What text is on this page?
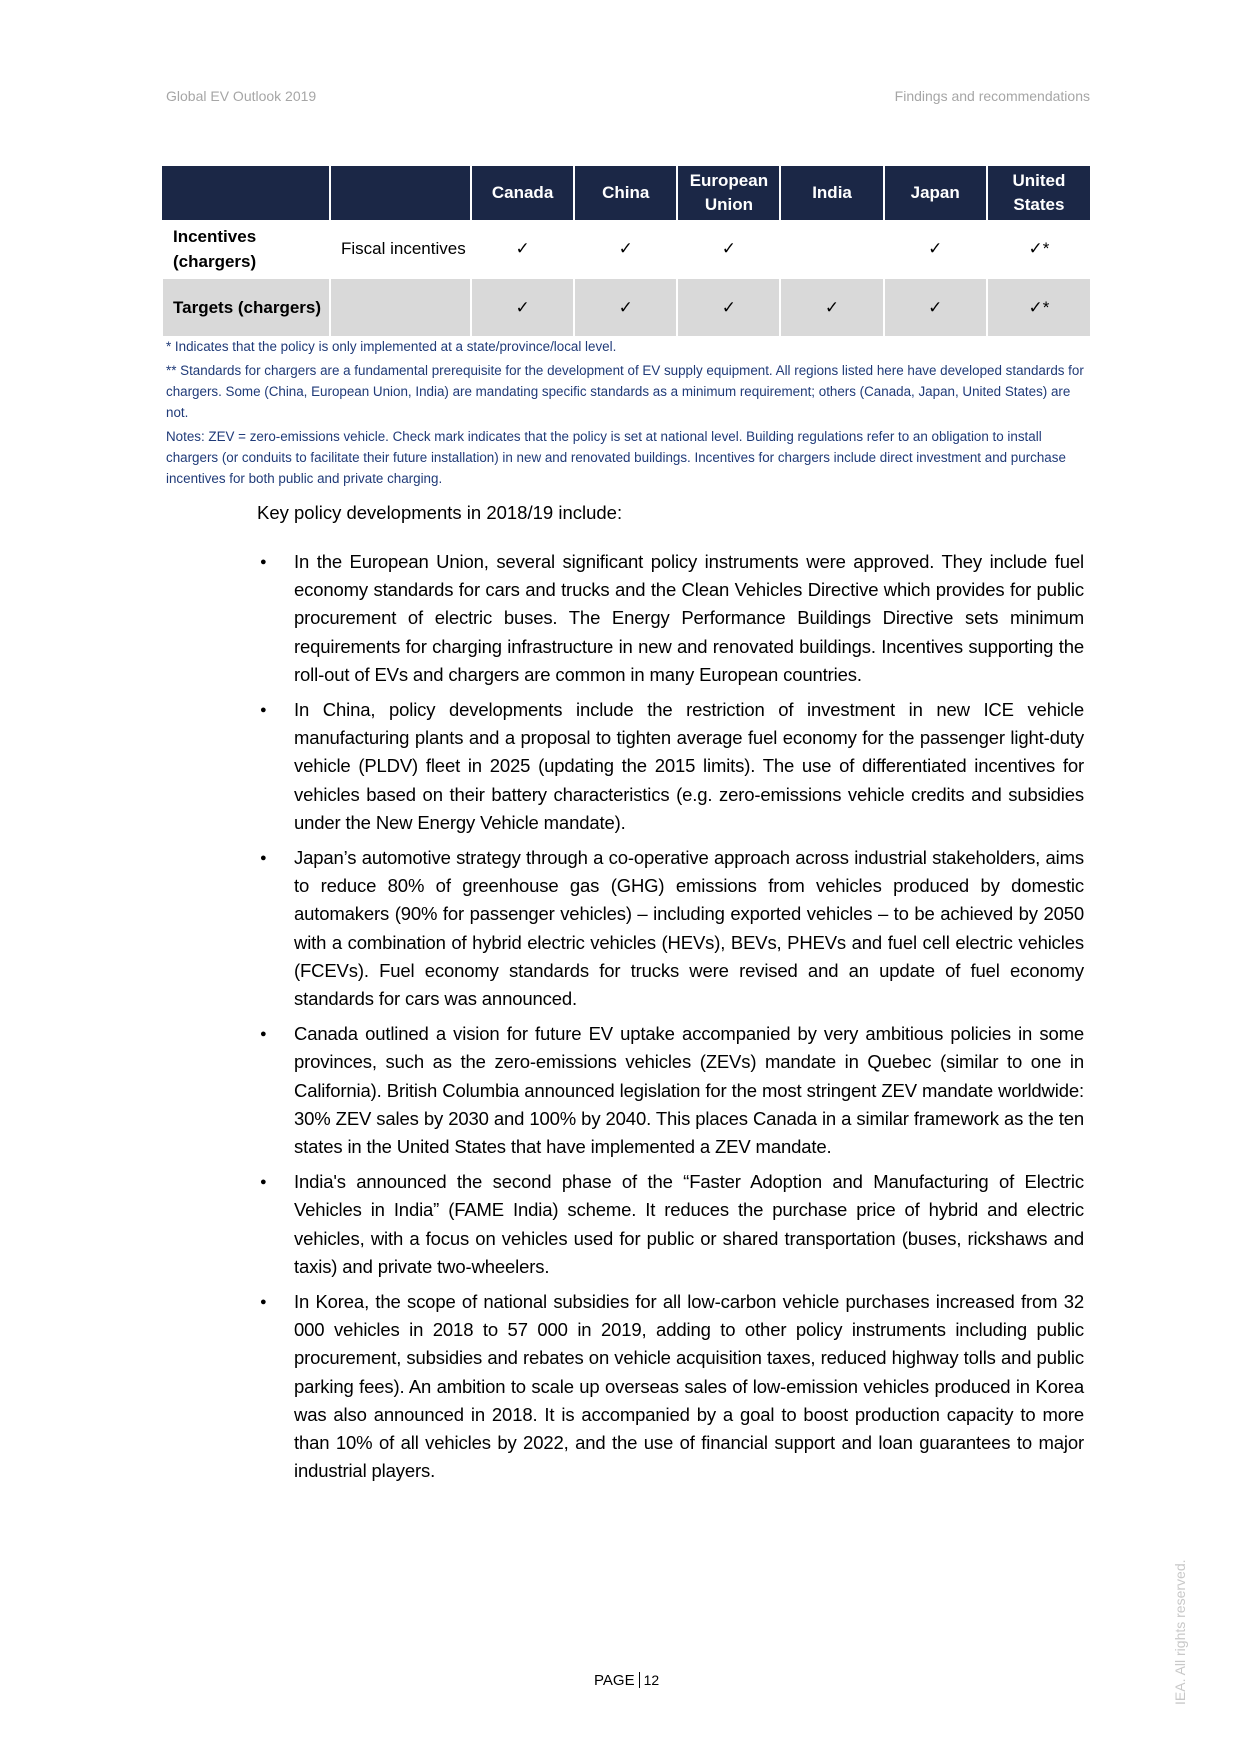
Global EV Outlook 2019	Findings and recommendations
		Canada	China	European Union	India	Japan	United States
Incentives (chargers)	Fiscal incentives	✓	✓	✓		✓	✓*
Targets (chargers)		✓	✓	✓	✓	✓	✓*

* Indicates that the policy is only implemented at a state/province/local level.

** Standards for chargers are a fundamental prerequisite for the development of EV supply equipment. All regions listed here have developed standards for chargers. Some (China, European Union, India) are mandating specific standards as a minimum requirement; others (Canada, Japan, United States) are not.

Notes: ZEV = zero-emissions vehicle. Check mark indicates that the policy is set at national level. Building regulations refer to an obligation to install chargers (or conduits to facilitate their future installation) in new and renovated buildings. Incentives for chargers include direct investment and purchase incentives for both public and private charging.

Key policy developments in 2018/19 include:
● In the European Union, several significant policy instruments were approved. They include fuel economy standards for cars and trucks and the Clean Vehicles Directive which provides for public procurement of electric buses. The Energy Performance Buildings Directive sets minimum requirements for charging infrastructure in new and renovated buildings. Incentives supporting the roll-out of EVs and chargers are common in many European countries.
● In China, policy developments include the restriction of investment in new ICE vehicle manufacturing plants and a proposal to tighten average fuel economy for the passenger light-duty vehicle (PLDV) fleet in 2025 (updating the 2015 limits). The use of differentiated incentives for vehicles based on their battery characteristics (e.g. zero-emissions vehicle credits and subsidies under the New Energy Vehicle mandate).
● Japan’s automotive strategy through a co-operative approach across industrial stakeholders, aims to reduce 80% of greenhouse gas (GHG) emissions from vehicles produced by domestic automakers (90% for passenger vehicles) – including exported vehicles – to be achieved by 2050 with a combination of hybrid electric vehicles (HEVs), BEVs, PHEVs and fuel cell electric vehicles (FCEVs). Fuel economy standards for trucks were revised and an update of fuel economy standards for cars was announced.
● Canada outlined a vision for future EV uptake accompanied by very ambitious policies in some provinces, such as the zero-emissions vehicles (ZEVs) mandate in Quebec (similar to one in California). British Columbia announced legislation for the most stringent ZEV mandate worldwide: 30% ZEV sales by 2030 and 100% by 2040. This places Canada in a similar framework as the ten states in the United States that have implemented a ZEV mandate.
● India's announced the second phase of the “Faster Adoption and Manufacturing of Electric Vehicles in India” (FAME India) scheme. It reduces the purchase price of hybrid and electric vehicles, with a focus on vehicles used for public or shared transportation (buses, rickshaws and taxis) and private two-wheelers.
● In Korea, the scope of national subsidies for all low-carbon vehicle purchases increased from 32 000 vehicles in 2018 to 57 000 in 2019, adding to other policy instruments including public procurement, subsidies and rebates on vehicle acquisition taxes, reduced highway tolls and public parking fees). An ambition to scale up overseas sales of low-emission vehicles produced in Korea was also announced in 2018. It is accompanied by a goal to boost production capacity to more than 10% of all vehicles by 2022, and the use of financial support and loan guarantees to major industrial players.
PAGE 12	IEA. All rights reserved.
